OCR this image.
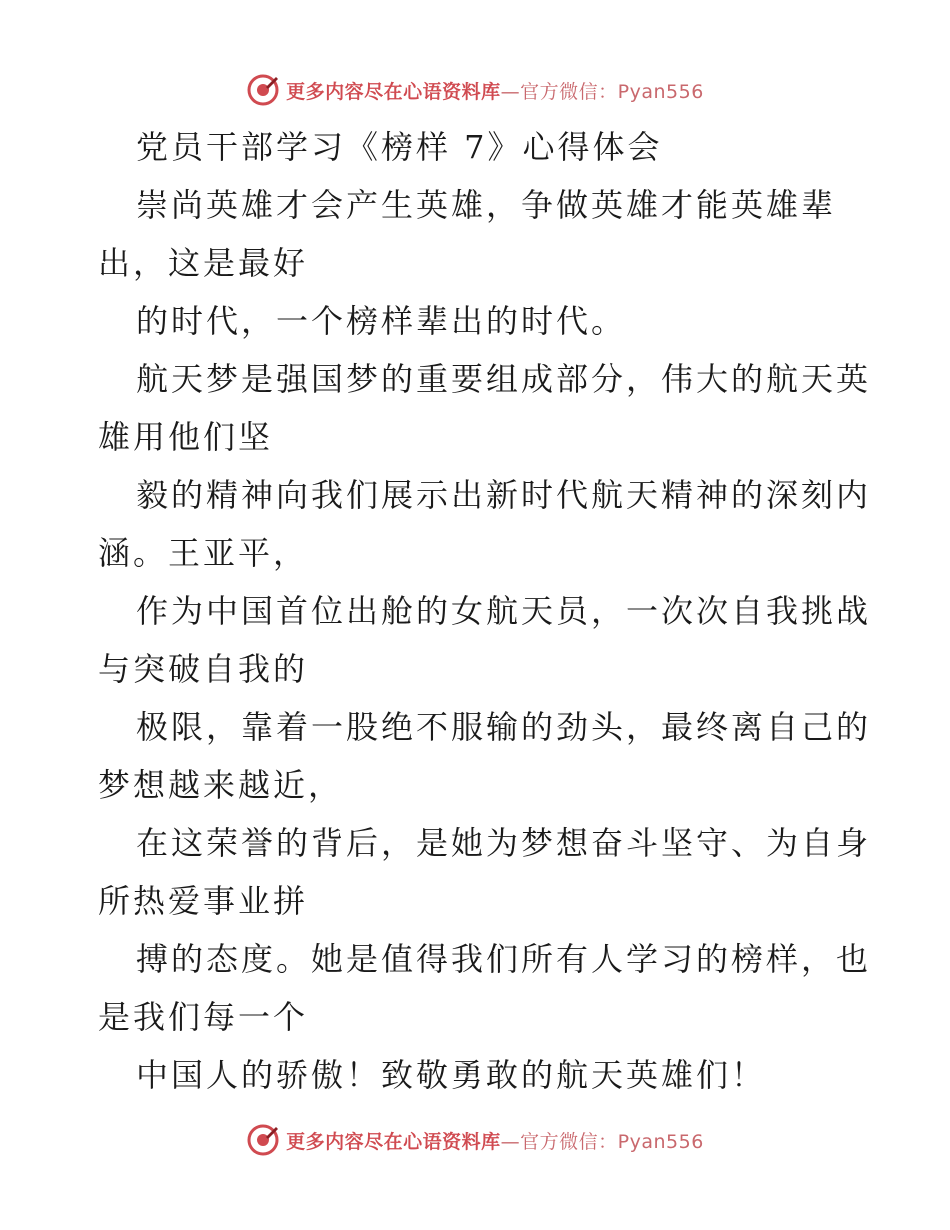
更多内容尽在心语资料库—官方微信：Pyan556
党员干部学习《榜样 7》心得体会
崇尚英雄才会产生英雄，争做英雄才能英雄辈
出，这是最好
的时代，一个榜样辈出的时代。
航天梦是强国梦的重要组成部分，伟大的航天英
雄用他们坚
毅的精神向我们展示出新时代航天精神的深刻内
涵。王亚平，
作为中国首位出舱的女航天员，一次次自我挑战
与突破自我的
极限，靠着一股绝不服输的劲头，最终离自己的
梦想越来越近，
在这荣誉的背后，是她为梦想奋斗坚守、为自身
所热爱事业拼
搏的态度。她是值得我们所有人学习的榜样，也
是我们每一个
中国人的骄傲！致敬勇敢的航天英雄们！
更多内容尽在心语资料库—官方微信：Pyan556
